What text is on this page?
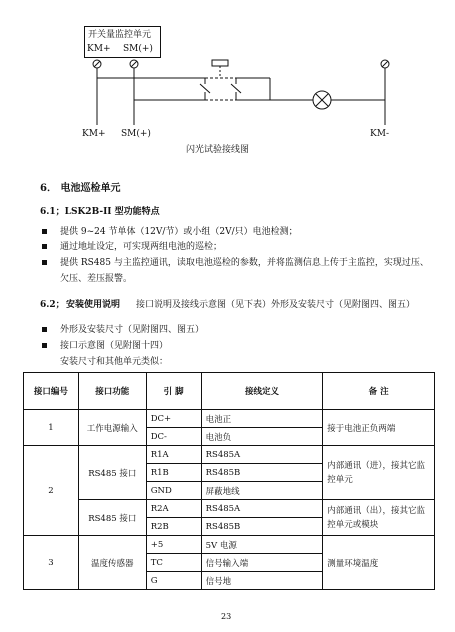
开关量监控单元
KM+ SM(+)
KM+ SM(+)	KM-
闪光试验接线图
6． 电池巡检单元
6.1；LSK2B-II 型功能特点
提供 9~24 节单体（12V/节）或小组（2V/只）电池检测；
通过地址设定，可实现两组电池的巡检；
提供 RS485 与主监控通讯，读取电池巡检的参数，并将监测信息上传于主监控，实现过压、
欠压、差压报警。
6.2； 安装使用说明 接口说明及接线示意图（见下表）外形及安装尺寸（见附图四、图五）
外形及安装尺寸（见附图四、图五）
接口示意图（见附图十四）
安装尺寸和其他单元类似：
接口编号	接口功能	引 脚	接线定义	备 注
1	工作电源输入	DC+	电池正	接于电池正负两端
		DC-	电池负	
2	RS485 接口	R1A	RS485A	内部通讯（进），接其它监控单元
		R1B	RS485B	
		GND	屏蔽地线	
	RS485 接口	R2A	RS485A	内部通讯（出），接其它监控单元或模块
		R2B	RS485B	
3	温度传感器	+5	5V 电源	测量环境温度
		TC	信号输入端	
		G	信号地	
23
